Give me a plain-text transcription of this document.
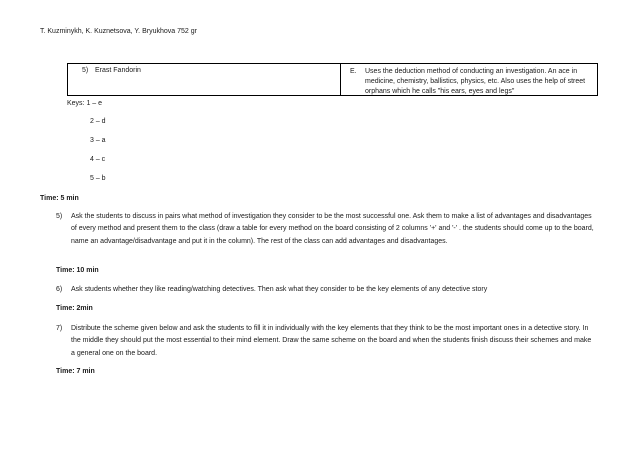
T. Kuzminykh, K. Kuznetsova, Y. Bryukhova 752 gr
5) Erast Fandorin	E. Uses the deduction method of conducting an investigation. An ace in medicine, chemistry, ballistics, physics, etc. Also uses the help of street orphans which he calls "his ears, eyes and legs"
Keys: 1 – e
2 – d
3 – a
4 – c
5 – b
Time: 5 min
5) Ask the students to discuss in pairs what method of investigation they consider to be the most successful one. Ask them to make a list of advantages and disadvantages of every method and present them to the class (draw a table for every method on the board consisting of 2 columns '+' and '-' . the students should come up to the board, name an advantage/disadvantage and put it in the column). The rest of the class can add advantages and disadvantages.
Time: 10 min
6) Ask students whether they like reading/watching detectives. Then ask what they consider to be the key elements of any detective story
Time: 2min
7) Distribute the scheme given below and ask the students to fill it in individually with the key elements that they think to be the most important ones in a detective story. In the middle they should put the most essential to their mind element. Draw the same scheme on the board and when the students finish discuss their schemes and make a general one on the board.
Time: 7 min
